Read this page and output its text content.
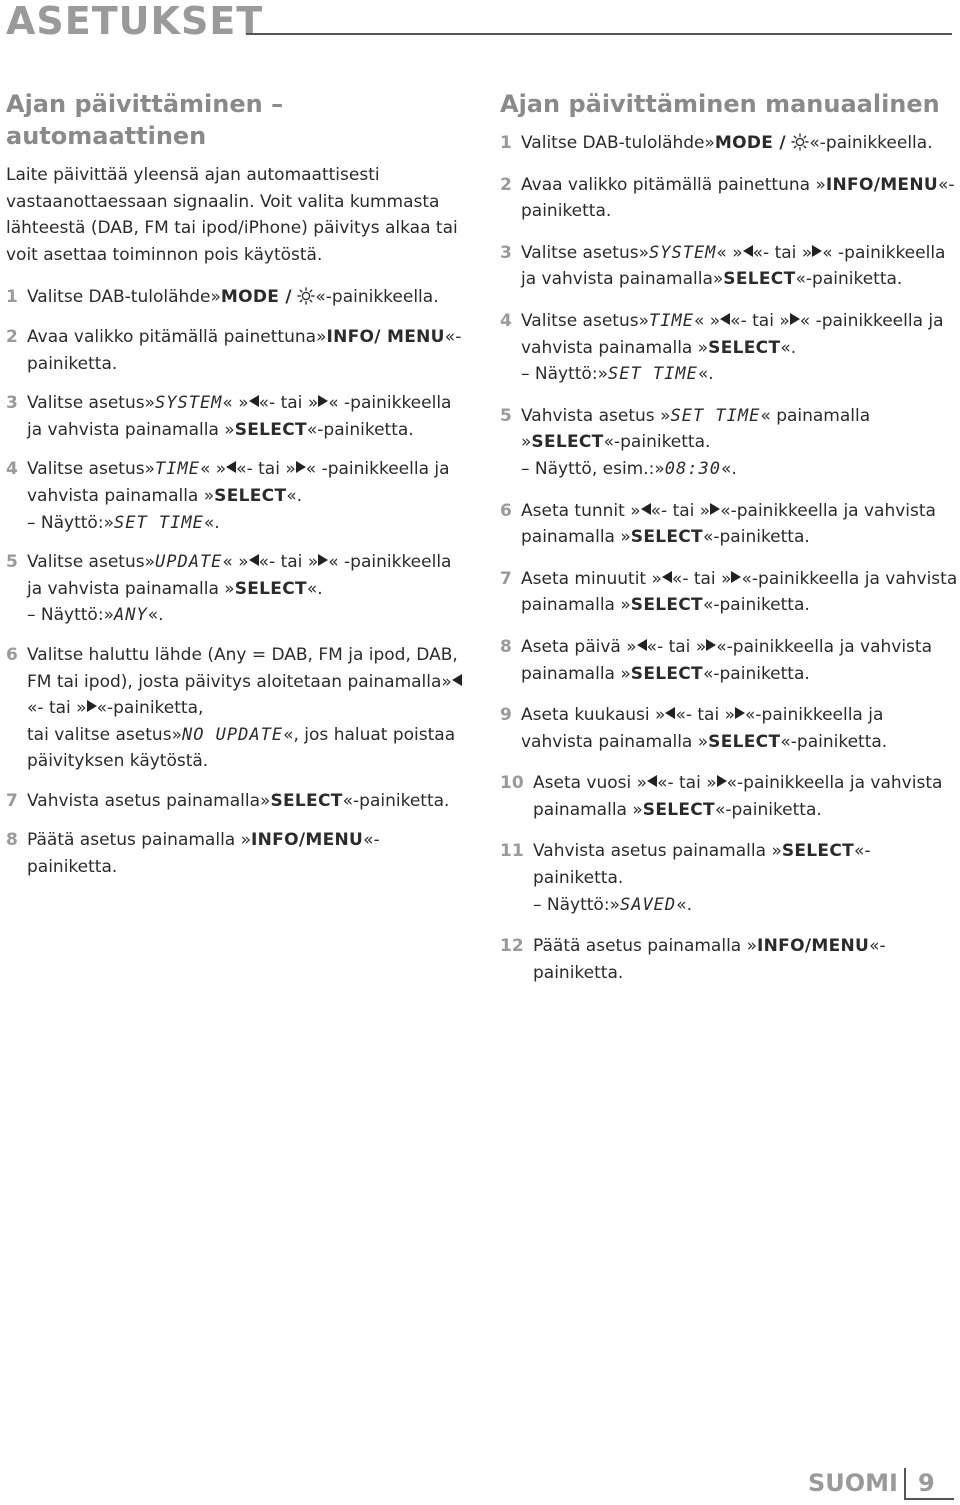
ASETUKSET
Ajan päivittäminen – automaattinen

Laite päivittää yleensä ajan automaattisesti vastaanottaessaan signaalin. Voit valita kummasta lähteestä (DAB, FM tai ipod/iPhone) päivitys alkaa tai voit asettaa toiminnon pois käytöstä.

1 Valitse DAB-tulolähde»MODE / «-painikkeella.
2 Avaa valikko pitämällä painettuna»INFO/ MENU«-painiketta.
3 Valitse asetus»SYSTEM« » «- tai » « -painikkeella ja vahvista painamalla »SELECT«-painiketta.
4 Valitse asetus»TIME« » «- tai » « -painikkeella ja vahvista painamalla »SELECT«.
– Näyttö:»SET TIME«.
5 Valitse asetus»UPDATE« » «- tai » « -painikkeella ja vahvista painamalla »SELECT«.
– Näyttö:»ANY«.
6 Valitse haluttu lähde (Any = DAB, FM ja ipod, DAB, FM tai ipod), josta päivitys aloitetaan painamalla»«- tai » «-painiketta,
tai valitse asetus»NO UPDATE«, jos haluat poistaa päivityksen käytöstä.
7 Vahvista asetus painamalla»SELECT«-painiketta.
8 Päätä asetus painamalla »INFO/MENU«-painiketta.
Ajan päivittäminen manuaalinen
1 Valitse DAB-tulolähde»MODE / «-painikkeella.
2 Avaa valikko pitämällä painettuna »INFO/MENU«-painiketta.
3 Valitse asetus»SYSTEM« » «- tai » « -painikkeella ja vahvista painamalla»SELECT«-painiketta.
4 Valitse asetus»TIME« » «- tai » « -painikkeella ja vahvista painamalla »SELECT«.
– Näyttö:»SET TIME«.
5 Vahvista asetus »SET TIME« painamalla »SELECT«-painiketta.
– Näyttö, esim.:»08:30«.
6 Aseta tunnit » «- tai » «-painikkeella ja vahvista painamalla »SELECT«-painiketta.
7 Aseta minuutit » «- tai » «-painikkeella ja vahvista painamalla »SELECT«-painiketta.
8 Aseta päivä » «- tai » «-painikkeella ja vahvista painamalla »SELECT«-painiketta.
9 Aseta kuukausi » «- tai » «-painikkeella ja vahvista painamalla »SELECT«-painiketta.
10 Aseta vuosi » «- tai » «-painikkeella ja vahvista painamalla »SELECT«-painiketta.
11 Vahvista asetus painamalla »SELECT«-painiketta.
– Näyttö:»SAVED«.
12 Päätä asetus painamalla »INFO/MENU«-painiketta.
SUOMI 9
